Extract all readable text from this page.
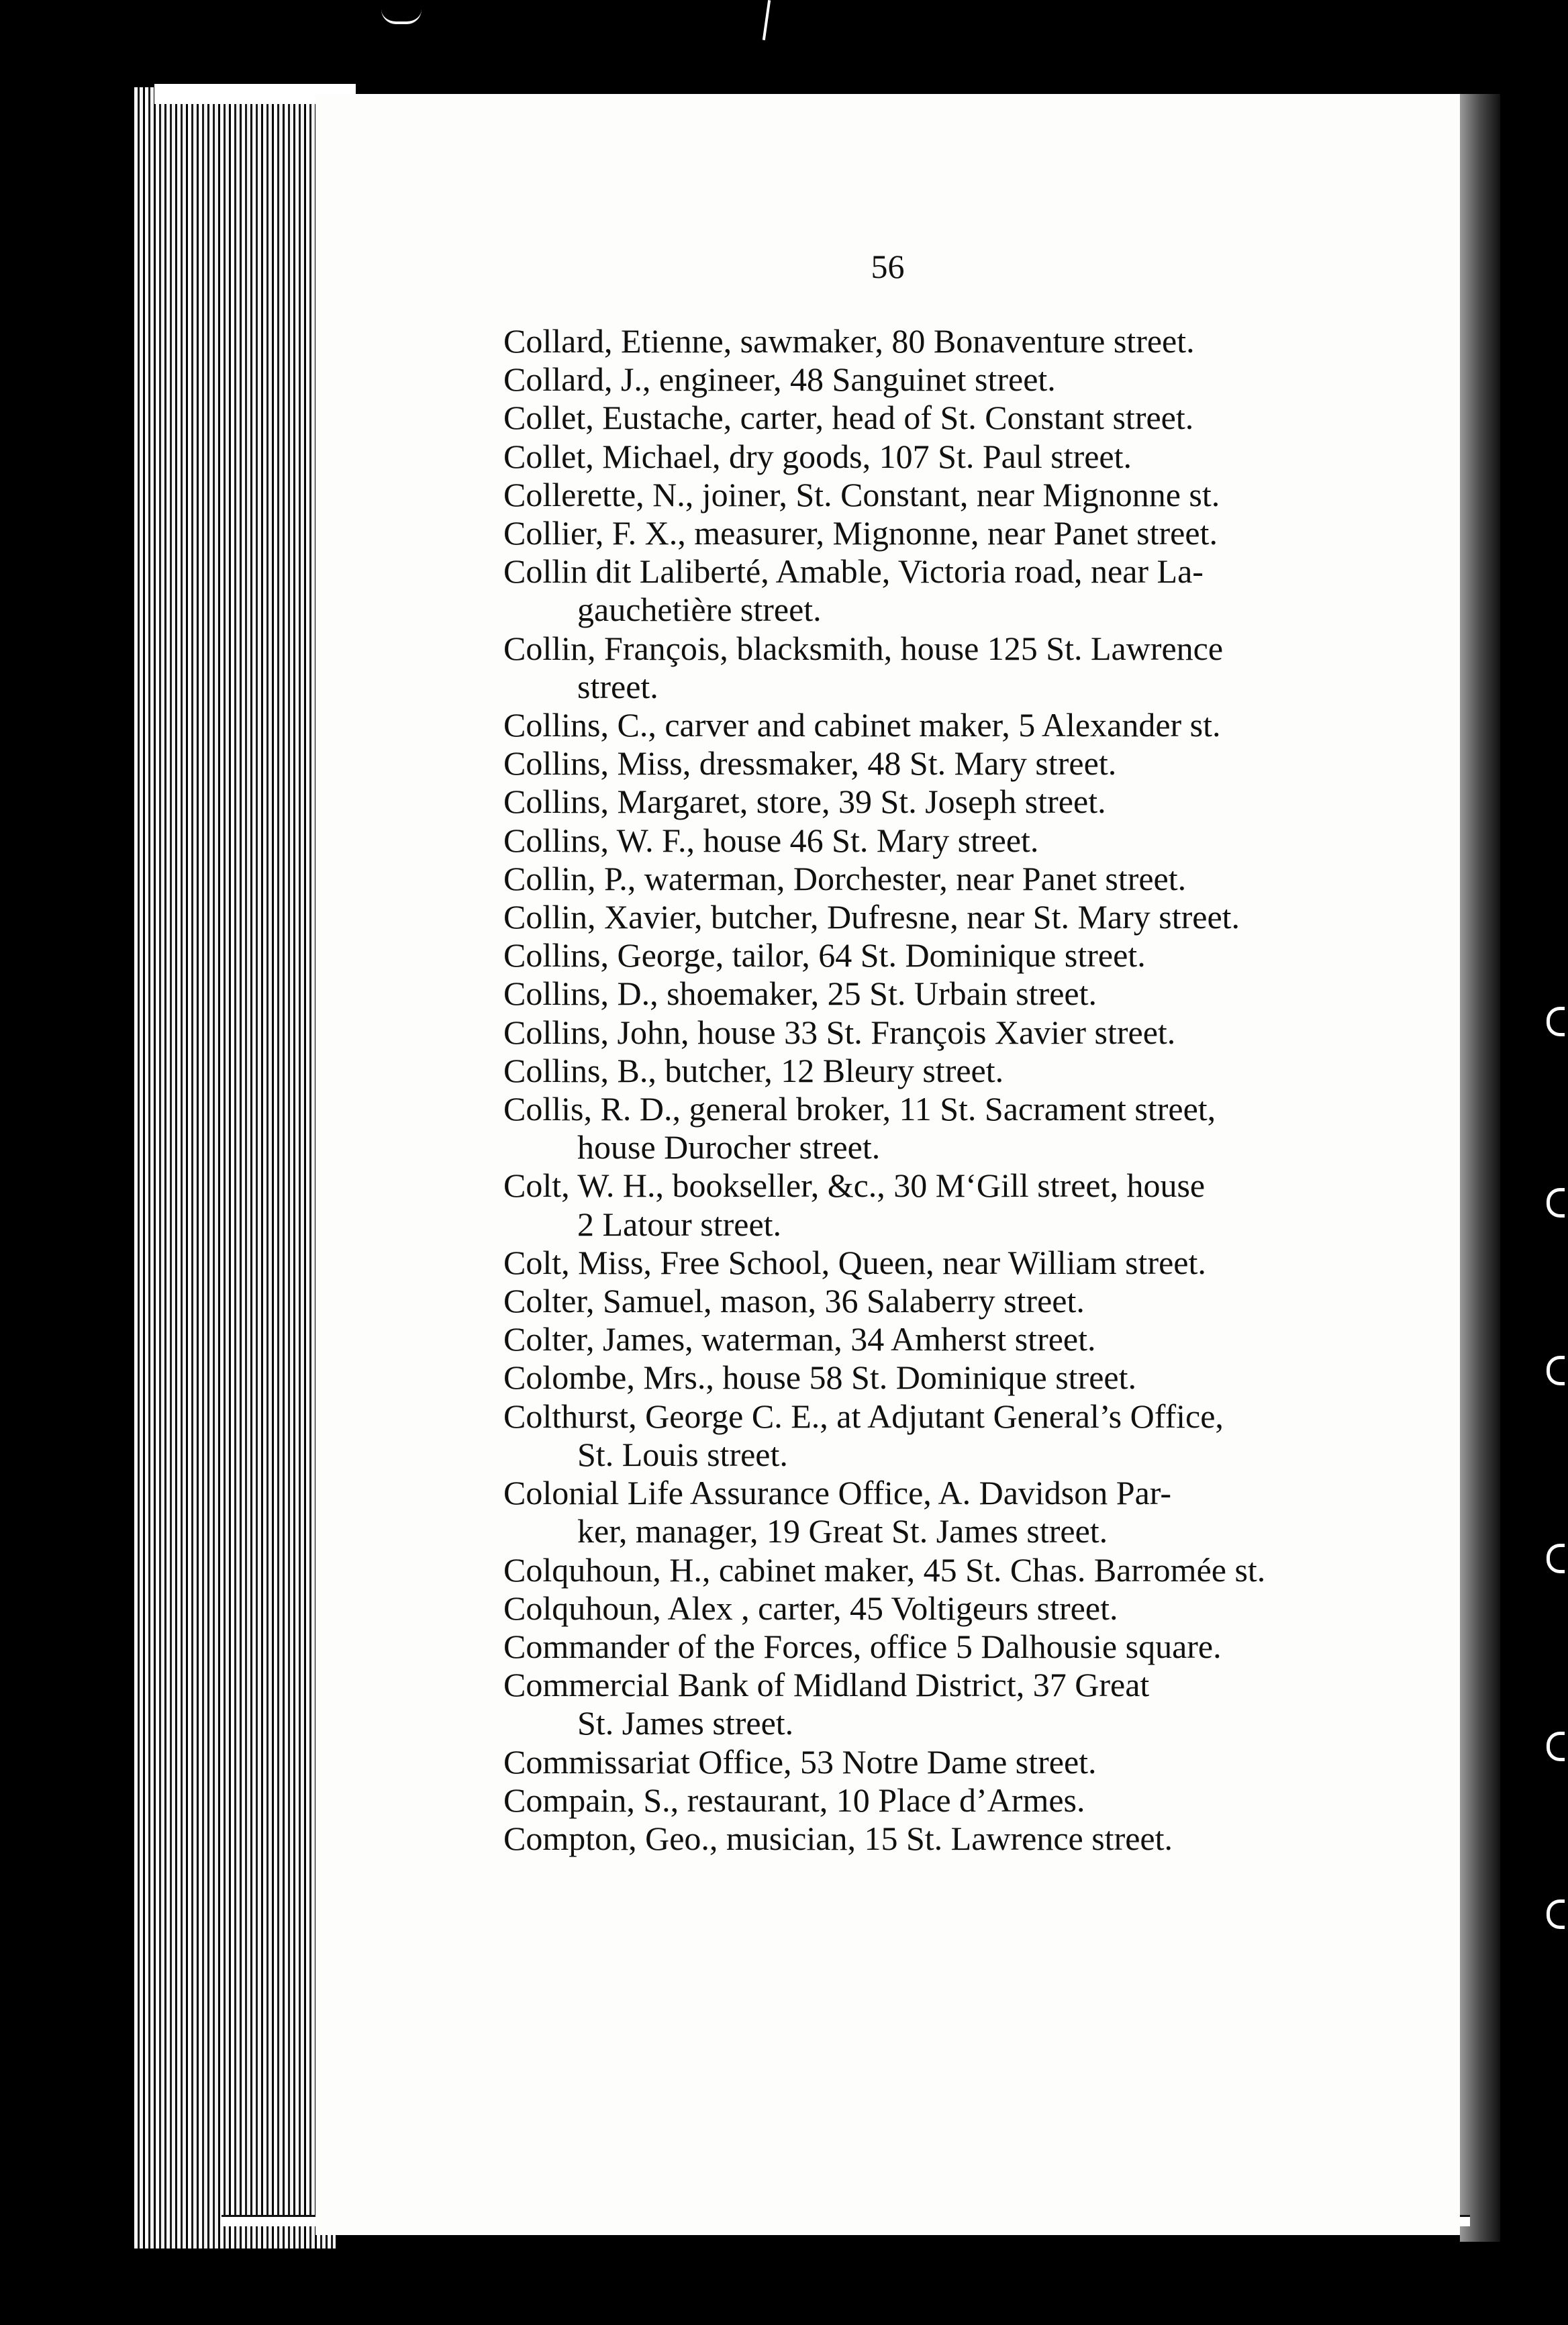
56
Collard, Etienne, sawmaker, 80 Bonaventure street.
Collard, J., engineer, 48 Sanguinet street.
Collet, Eustache, carter, head of St. Constant street.
Collet, Michael, dry goods, 107 St. Paul street.
Collerette, N., joiner, St. Constant, near Mignonne st.
Collier, F. X., measurer, Mignonne, near Panet street.
Collin dit Laliberté, Amable, Victoria road, near La-
gauchetière street.
Collin, François, blacksmith, house 125 St. Lawrence
street.
Collins, C., carver and cabinet maker, 5 Alexander st.
Collins, Miss, dressmaker, 48 St. Mary street.
Collins, Margaret, store, 39 St. Joseph street.
Collins, W. F., house 46 St. Mary street.
Collin, P., waterman, Dorchester, near Panet street.
Collin, Xavier, butcher, Dufresne, near St. Mary street.
Collins, George, tailor, 64 St. Dominique street.
Collins, D., shoemaker, 25 St. Urbain street.
Collins, John, house 33 St. François Xavier street.
Collins, B., butcher, 12 Bleury street.
Collis, R. D., general broker, 11 St. Sacrament street,
house Durocher street.
Colt, W. H., bookseller, &c., 30 M‘Gill street, house
2 Latour street.
Colt, Miss, Free School, Queen, near William street.
Colter, Samuel, mason, 36 Salaberry street.
Colter, James, waterman, 34 Amherst street.
Colombe, Mrs., house 58 St. Dominique street.
Colthurst, George C. E., at Adjutant General’s Office,
St. Louis street.
Colonial Life Assurance Office, A. Davidson Par-
ker, manager, 19 Great St. James street.
Colquhoun, H., cabinet maker, 45 St. Chas. Barromée st.
Colquhoun, Alex , carter, 45 Voltigeurs street.
Commander of the Forces, office 5 Dalhousie square.
Commercial Bank of Midland District, 37 Great
St. James street.
Commissariat Office, 53 Notre Dame street.
Compain, S., restaurant, 10 Place d’Armes.
Compton, Geo., musician, 15 St. Lawrence street.
